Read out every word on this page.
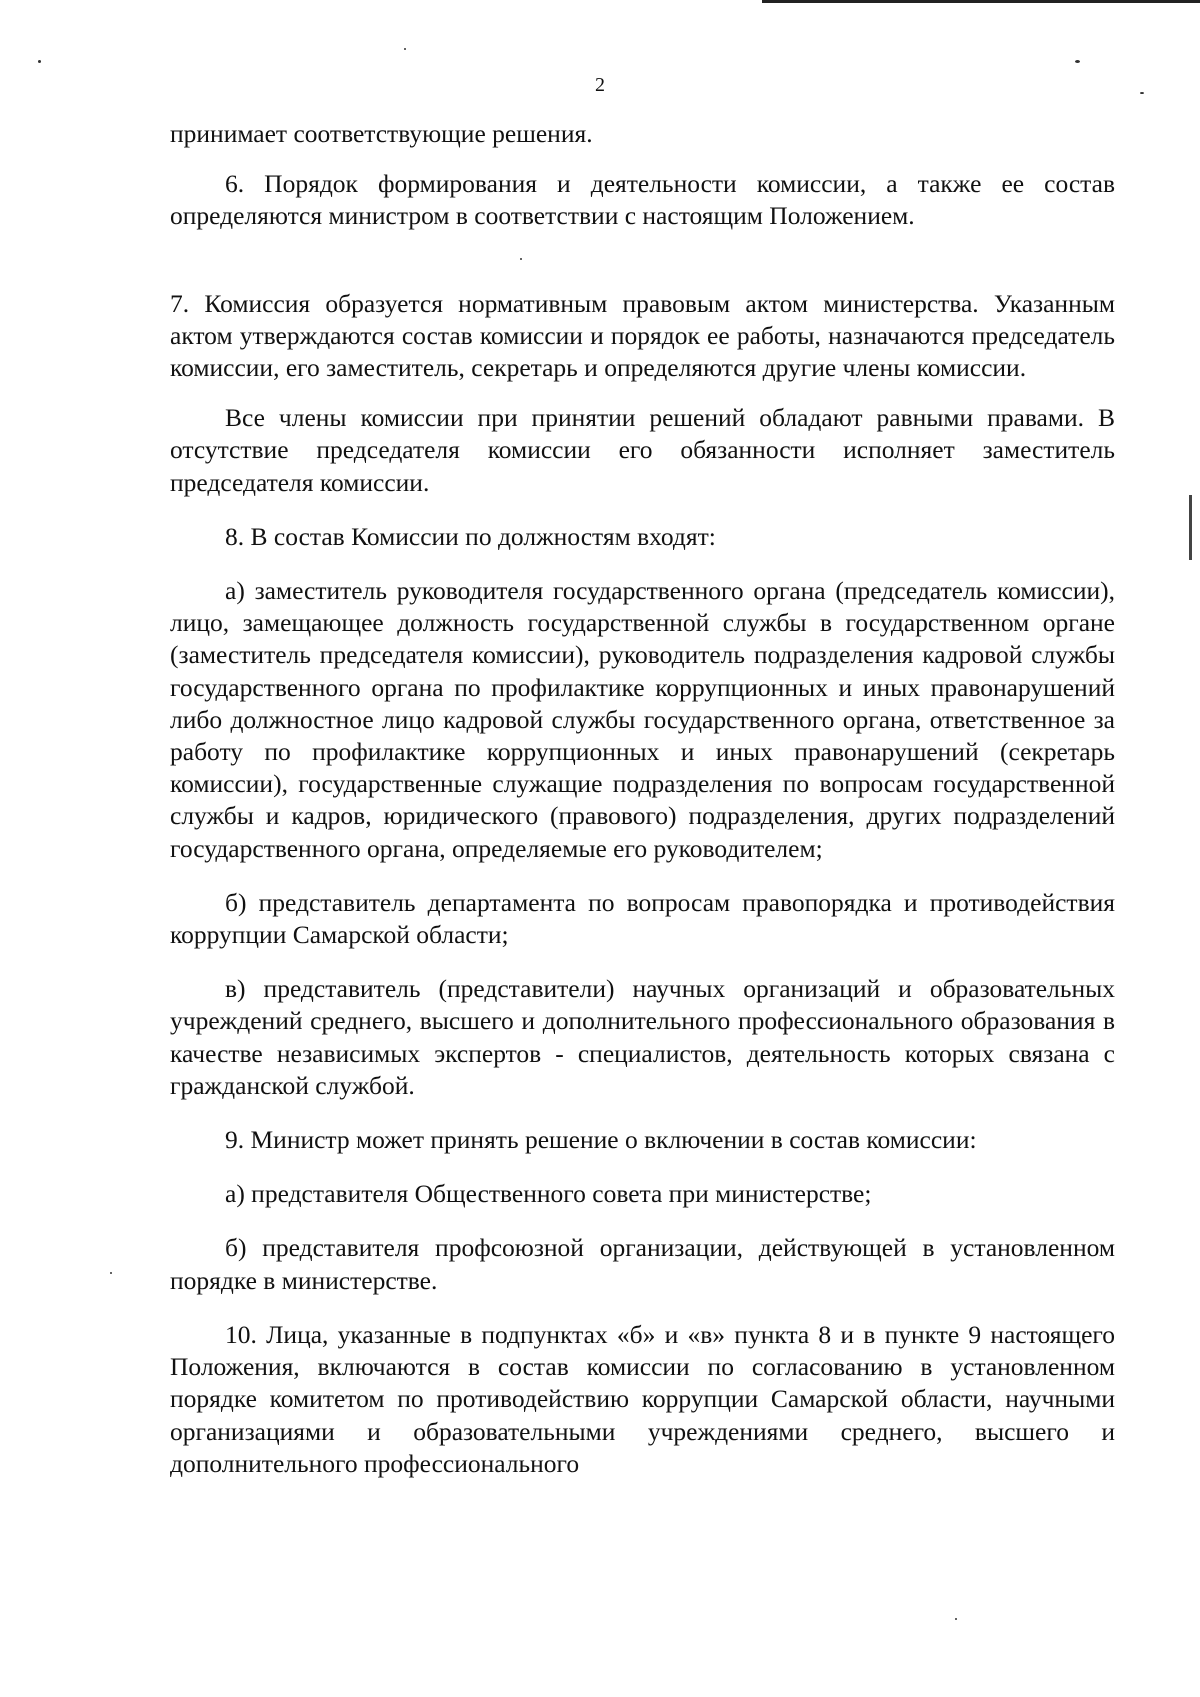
2

принимает соответствующие решения.

6. Порядок формирования и деятельности комиссии, а также ее состав определяются министром в соответствии с настоящим Положением.

7. Комиссия образуется нормативным правовым актом министерства. Указанным актом утверждаются состав комиссии и порядок ее работы, назначаются председатель комиссии, его заместитель, секретарь и определяются другие члены комиссии.

Все члены комиссии при принятии решений обладают равными правами. В отсутствие председателя комиссии его обязанности исполняет заместитель председателя комиссии.

8. В состав Комиссии по должностям входят:

а) заместитель руководителя государственного органа (председатель комиссии), лицо, замещающее должность государственной службы в государственном органе (заместитель председателя комиссии), руководитель подразделения кадровой службы государственного органа по профилактике коррупционных и иных правонарушений либо должностное лицо кадровой службы государственного органа, ответственное за работу по профилактике коррупционных и иных правонарушений (секретарь комиссии), государственные служащие подразделения по вопросам государственной службы и кадров, юридического (правового) подразделения, других подразделений государственного органа, определяемые его руководителем;

б) представитель департамента по вопросам правопорядка и противодействия коррупции Самарской области;

в) представитель (представители) научных организаций и образовательных учреждений среднего, высшего и дополнительного профессионального образования в качестве независимых экспертов - специалистов, деятельность которых связана с гражданской службой.

9. Министр может принять решение о включении в состав комиссии:

а) представителя Общественного совета при министерстве;

б) представителя профсоюзной организации, действующей в установленном порядке в министерстве.

10. Лица, указанные в подпунктах «б» и «в» пункта 8 и в пункте 9 настоящего Положения, включаются в состав комиссии по согласованию в установленном порядке комитетом по противодействию коррупции Самарской области, научными организациями и образовательными учреждениями среднего, высшего и дополнительного профессионального
